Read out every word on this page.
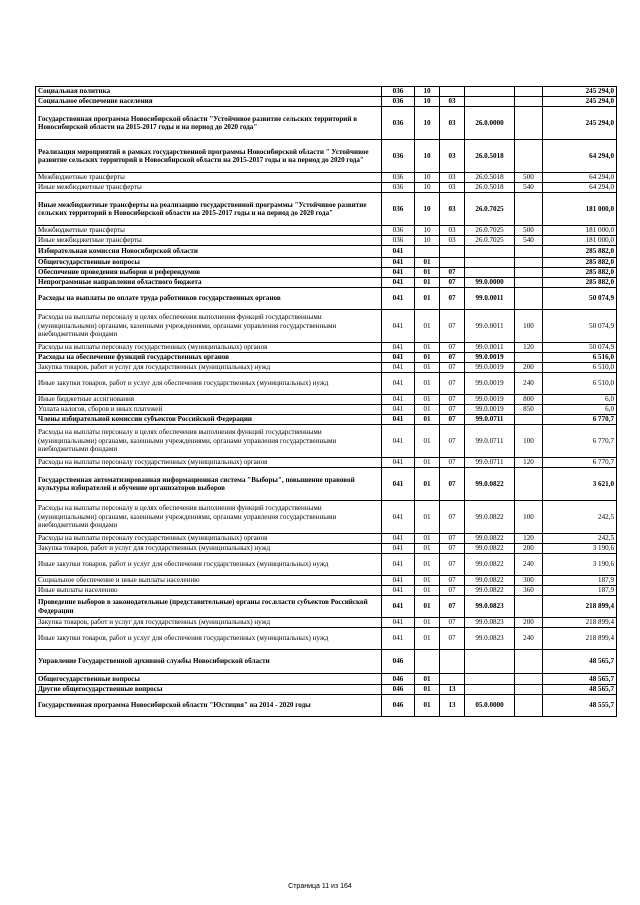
Социальная политика	036	10				245 294,0
Социальное обеспечение населения	036	10	03			245 294,0
Государственная программа Новосибирской области "Устойчивое развитие сельских территорий в Новосибирской области на 2015-2017 годы и на период до 2020 года"	036	10	03	26.0.0000		245 294,0
Реализация мероприятий в рамках государственной программы Новосибирской области " Устойчивое развитие сельских территорий в Новосибирской области на 2015-2017 годы и на период до 2020 года"	036	10	03	26.0.5018		64 294,0
Межбюджетные трансферты	036	10	03	26.0.5018	500	64 294,0
Иные межбюджетные трансферты	036	10	03	26.0.5018	540	64 294,0
Иные межбюджетные трансферты на реализацию государственной программы "Устойчивое развитие сельских территорий в Новосибирской области на 2015-2017 годы и на период до 2020 года"	036	10	03	26.0.7025		181 000,0
Межбюджетные трансферты	036	10	03	26.0.7025	500	181 000,0
Иные межбюджетные трансферты	036	10	03	26.0.7025	540	181 000,0
Избирательная комиссия Новосибирской области	041					285 882,0
Общегосударственные вопросы	041	01				285 882,0
Обеспечение проведения выборов и референдумов	041	01	07			285 882,0
Непрограммные направления областного бюджета	041	01	07	99.0.0000		285 882,0
Расходы на выплаты по оплате труда работников государственных органов	041	01	07	99.0.0011		50 074,9
Расходы на выплаты персоналу в целях обеспечения выполнения функций государственными (муниципальными) органами, казенными учреждениями, органами управления государственными внебюджетными фондами	041	01	07	99.0.0011	100	50 074,9
Расходы на выплаты персоналу государственных (муниципальных) органов	041	01	07	99.0.0011	120	50 074,9
Расходы на обеспечение функций государственных органов	041	01	07	99.0.0019		6 516,0
Закупка товаров, работ и услуг для государственных (муниципальных) нужд	041	01	07	99.0.0019	200	6 510,0
Иные закупки товаров, работ и услуг для обеспечения государственных (муниципальных) нужд	041	01	07	99.0.0019	240	6 510,0
Иные бюджетные ассигнования	041	01	07	99.0.0019	800	6,0
Уплата налогов, сборов и иных платежей	041	01	07	99.0.0019	850	6,0
Члены избирательной комиссии субъектов Российской Федерации	041	01	07	99.0.0711		6 770,7
Расходы на выплаты персоналу в целях обеспечения выполнения функций государственными (муниципальными) органами, казенными учреждениями, органами управления государственными внебюджетными фондами	041	01	07	99.0.0711	100	6 770,7
Расходы на выплаты персоналу государственных (муниципальных) органов	041	01	07	99.0.0711	120	6 770,7
Государственная автоматизированная информационная система "Выборы", повышение правовой культуры избирателей и обучение организаторов выборов	041	01	07	99.0.0822		3 621,0
Расходы на выплаты персоналу в целях обеспечения выполнения функций государственными (муниципальными) органами, казенными учреждениями, органами управления государственными внебюджетными фондами	041	01	07	99.0.0822	100	242,5
Расходы на выплаты персоналу государственных (муниципальных) органов	041	01	07	99.0.0822	120	242,5
Закупка товаров, работ и услуг для государственных (муниципальных) нужд	041	01	07	99.0.0822	200	3 190,6
Иные закупки товаров, работ и услуг для обеспечения государственных (муниципальных) нужд	041	01	07	99.0.0822	240	3 190,6
Социальное обеспечение и иные выплаты населению	041	01	07	99.0.0822	300	187,9
Иные выплаты населению	041	01	07	99.0.0822	360	187,9
Проведение выборов в законодательные (представительные) органы гос.власти субъектов Российской Федерации	041	01	07	99.0.0823		218 899,4
Закупка товаров, работ и услуг для государственных (муниципальных) нужд	041	01	07	99.0.0823	200	218 899,4
Иные закупки товаров, работ и услуг для обеспечения государственных (муниципальных) нужд	041	01	07	99.0.0823	240	218 899,4
Управление Государственной архивной службы Новосибирской области	046					48 565,7
Общегосударственные вопросы	046	01				48 565,7
Другие общегосударственные вопросы	046	01	13			48 565,7
Государственная программа Новосибирской области "Юстиция" на 2014 - 2020 годы	046	01	13	05.0.0000		48 555,7
Страница 11 из 164
